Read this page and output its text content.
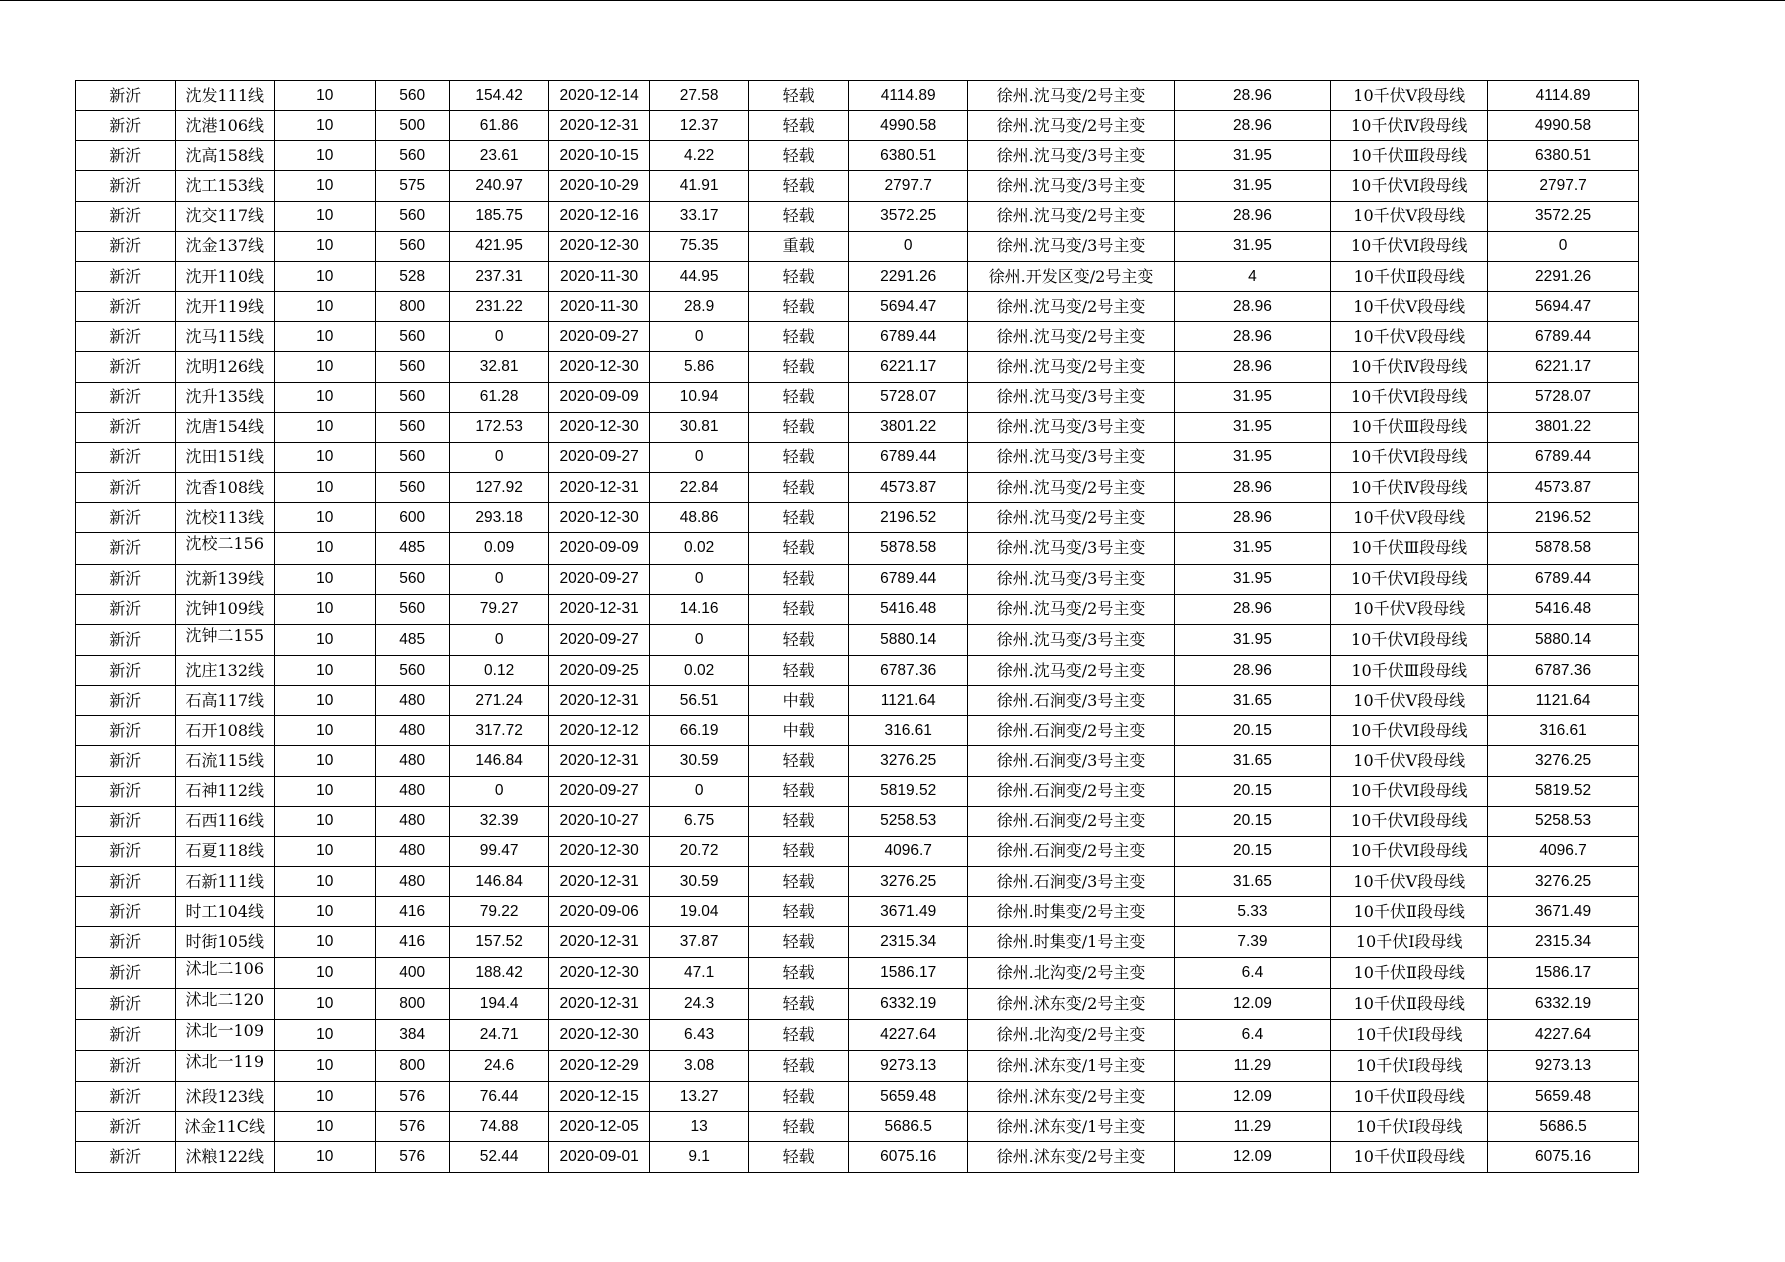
新沂	沈发111线	10	560	154.42	2020-12-14	27.58	轻载	4114.89	徐州.沈马变/2号主变	28.96	10千伏Ⅴ段母线	4114.89
新沂	沈港106线	10	500	61.86	2020-12-31	12.37	轻载	4990.58	徐州.沈马变/2号主变	28.96	10千伏Ⅳ段母线	4990.58
新沂	沈高158线	10	560	23.61	2020-10-15	4.22	轻载	6380.51	徐州.沈马变/3号主变	31.95	10千伏Ⅲ段母线	6380.51
新沂	沈工153线	10	575	240.97	2020-10-29	41.91	轻载	2797.7	徐州.沈马变/3号主变	31.95	10千伏Ⅵ段母线	2797.7
新沂	沈交117线	10	560	185.75	2020-12-16	33.17	轻载	3572.25	徐州.沈马变/2号主变	28.96	10千伏Ⅴ段母线	3572.25
新沂	沈金137线	10	560	421.95	2020-12-30	75.35	重载	0	徐州.沈马变/3号主变	31.95	10千伏Ⅵ段母线	0
新沂	沈开110线	10	528	237.31	2020-11-30	44.95	轻载	2291.26	徐州.开发区变/2号主变	4	10千伏Ⅱ段母线	2291.26
新沂	沈开119线	10	800	231.22	2020-11-30	28.9	轻载	5694.47	徐州.沈马变/2号主变	28.96	10千伏Ⅴ段母线	5694.47
新沂	沈马115线	10	560	0	2020-09-27	0	轻载	6789.44	徐州.沈马变/2号主变	28.96	10千伏Ⅴ段母线	6789.44
新沂	沈明126线	10	560	32.81	2020-12-30	5.86	轻载	6221.17	徐州.沈马变/2号主变	28.96	10千伏Ⅳ段母线	6221.17
新沂	沈升135线	10	560	61.28	2020-09-09	10.94	轻载	5728.07	徐州.沈马变/3号主变	31.95	10千伏Ⅵ段母线	5728.07
新沂	沈唐154线	10	560	172.53	2020-12-30	30.81	轻载	3801.22	徐州.沈马变/3号主变	31.95	10千伏Ⅲ段母线	3801.22
新沂	沈田151线	10	560	0	2020-09-27	0	轻载	6789.44	徐州.沈马变/3号主变	31.95	10千伏Ⅵ段母线	6789.44
新沂	沈香108线	10	560	127.92	2020-12-31	22.84	轻载	4573.87	徐州.沈马变/2号主变	28.96	10千伏Ⅳ段母线	4573.87
新沂	沈校113线	10	600	293.18	2020-12-30	48.86	轻载	2196.52	徐州.沈马变/2号主变	28.96	10千伏Ⅴ段母线	2196.52
新沂	沈校二156	10	485	0.09	2020-09-09	0.02	轻载	5878.58	徐州.沈马变/3号主变	31.95	10千伏Ⅲ段母线	5878.58
新沂	沈新139线	10	560	0	2020-09-27	0	轻载	6789.44	徐州.沈马变/3号主变	31.95	10千伏Ⅵ段母线	6789.44
新沂	沈钟109线	10	560	79.27	2020-12-31	14.16	轻载	5416.48	徐州.沈马变/2号主变	28.96	10千伏Ⅴ段母线	5416.48
新沂	沈钟二155	10	485	0	2020-09-27	0	轻载	5880.14	徐州.沈马变/3号主变	31.95	10千伏Ⅵ段母线	5880.14
新沂	沈庄132线	10	560	0.12	2020-09-25	0.02	轻载	6787.36	徐州.沈马变/2号主变	28.96	10千伏Ⅲ段母线	6787.36
新沂	石高117线	10	480	271.24	2020-12-31	56.51	中载	1121.64	徐州.石涧变/3号主变	31.65	10千伏Ⅴ段母线	1121.64
新沂	石开108线	10	480	317.72	2020-12-12	66.19	中载	316.61	徐州.石涧变/2号主变	20.15	10千伏Ⅵ段母线	316.61
新沂	石流115线	10	480	146.84	2020-12-31	30.59	轻载	3276.25	徐州.石涧变/3号主变	31.65	10千伏Ⅴ段母线	3276.25
新沂	石神112线	10	480	0	2020-09-27	0	轻载	5819.52	徐州.石涧变/2号主变	20.15	10千伏Ⅵ段母线	5819.52
新沂	石西116线	10	480	32.39	2020-10-27	6.75	轻载	5258.53	徐州.石涧变/2号主变	20.15	10千伏Ⅵ段母线	5258.53
新沂	石夏118线	10	480	99.47	2020-12-30	20.72	轻载	4096.7	徐州.石涧变/2号主变	20.15	10千伏Ⅵ段母线	4096.7
新沂	石新111线	10	480	146.84	2020-12-31	30.59	轻载	3276.25	徐州.石涧变/3号主变	31.65	10千伏Ⅴ段母线	3276.25
新沂	时工104线	10	416	79.22	2020-09-06	19.04	轻载	3671.49	徐州.时集变/2号主变	5.33	10千伏Ⅱ段母线	3671.49
新沂	时街105线	10	416	157.52	2020-12-31	37.87	轻载	2315.34	徐州.时集变/1号主变	7.39	10千伏Ⅰ段母线	2315.34
新沂	沭北二106	10	400	188.42	2020-12-30	47.1	轻载	1586.17	徐州.北沟变/2号主变	6.4	10千伏Ⅱ段母线	1586.17
新沂	沭北二120	10	800	194.4	2020-12-31	24.3	轻载	6332.19	徐州.沭东变/2号主变	12.09	10千伏Ⅱ段母线	6332.19
新沂	沭北一109	10	384	24.71	2020-12-30	6.43	轻载	4227.64	徐州.北沟变/2号主变	6.4	10千伏Ⅰ段母线	4227.64
新沂	沭北一119	10	800	24.6	2020-12-29	3.08	轻载	9273.13	徐州.沭东变/1号主变	11.29	10千伏Ⅰ段母线	9273.13
新沂	沭段123线	10	576	76.44	2020-12-15	13.27	轻载	5659.48	徐州.沭东变/2号主变	12.09	10千伏Ⅱ段母线	5659.48
新沂	沭金11C线	10	576	74.88	2020-12-05	13	轻载	5686.5	徐州.沭东变/1号主变	11.29	10千伏Ⅰ段母线	5686.5
新沂	沭粮122线	10	576	52.44	2020-09-01	9.1	轻载	6075.16	徐州.沭东变/2号主变	12.09	10千伏Ⅱ段母线	6075.16
